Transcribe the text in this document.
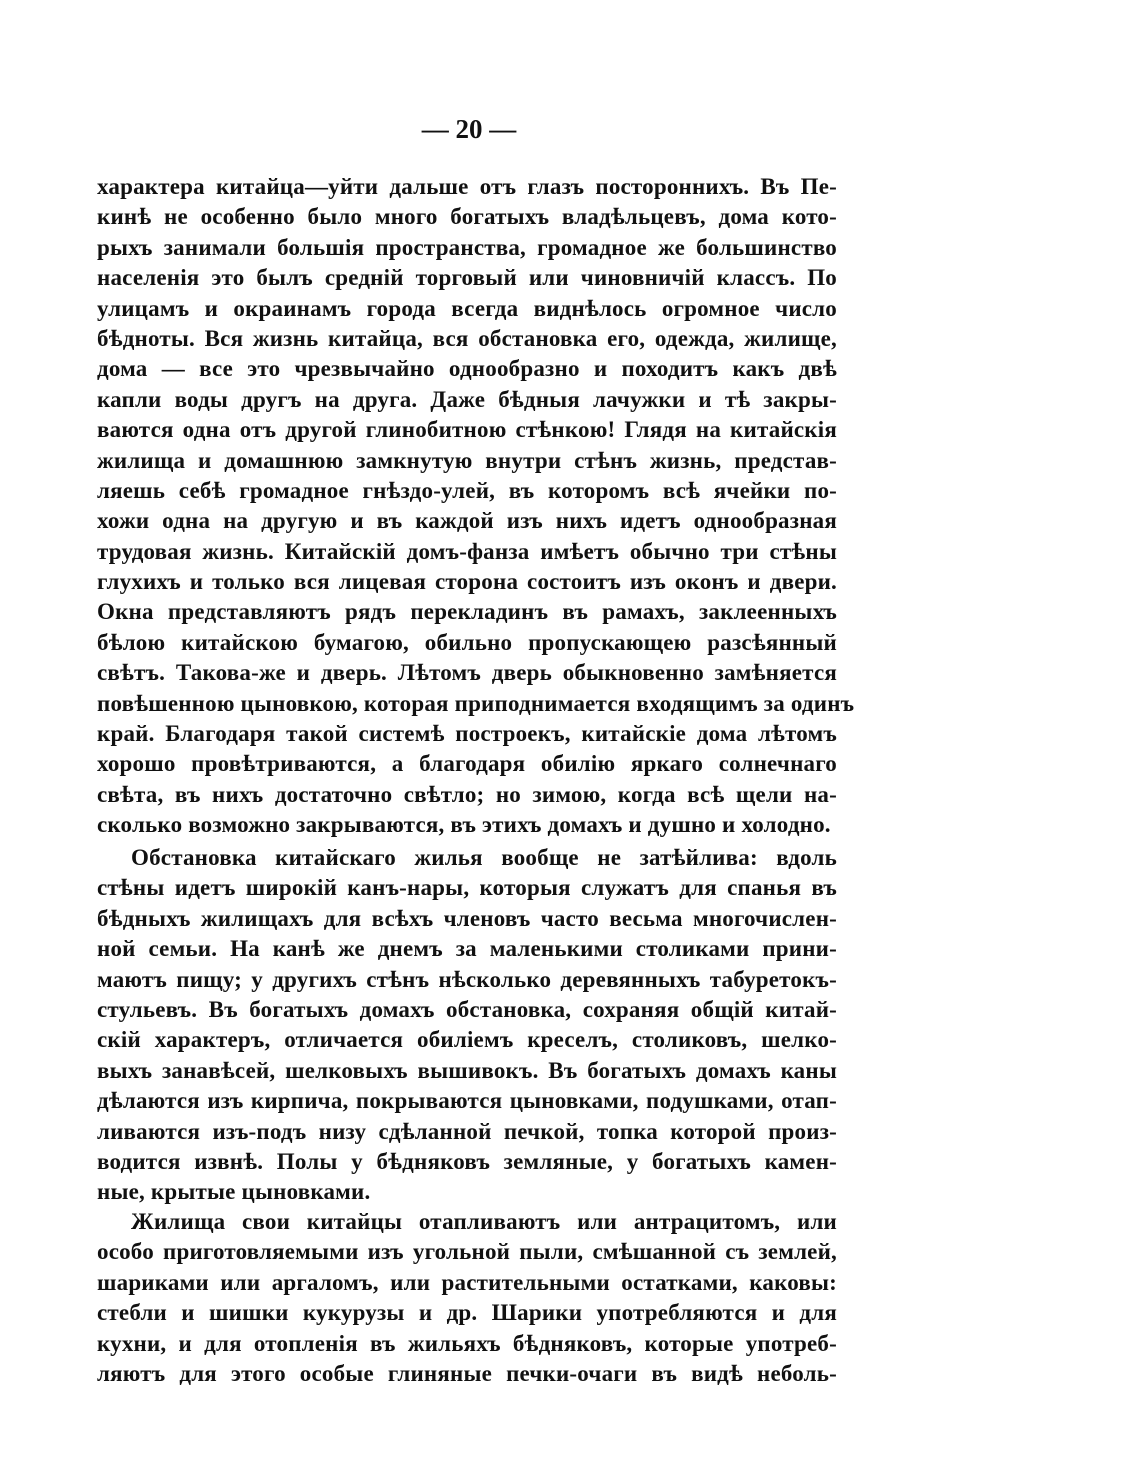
— 20 —
характера китайца—уйти дальше отъ глазъ постороннихъ. Въ Пе-
кинѣ не особенно было много богатыхъ владѣльцевъ, дома кото-
рыхъ занимали большія пространства, громадное же большинство
населенія это былъ средній торговый или чиновничій классъ. По
улицамъ и окраинамъ города всегда виднѣлось огромное число
бѣдноты. Вся жизнь китайца, вся обстановка его, одежда, жилище,
дома — все это чрезвычайно однообразно и походитъ какъ двѣ
капли воды другъ на друга. Даже бѣдныя лачужки и тѣ закры-
ваются одна отъ другой глинобитною стѣнкою! Глядя на китайскія
жилища и домашнюю замкнутую внутри стѣнъ жизнь, представ-
ляешь себѣ громадное гнѣздо-улей, въ которомъ всѣ ячейки по-
хожи одна на другую и въ каждой изъ нихъ идетъ однообразная
трудовая жизнь. Китайскій домъ-фанза имѣетъ обычно три стѣны
глухихъ и только вся лицевая сторона состоитъ изъ оконъ и двери.
Окна представляютъ рядъ перекладинъ въ рамахъ, заклеенныхъ
бѣлою китайскою бумагою, обильно пропускающею разсѣянный
свѣтъ. Такова-же и дверь. Лѣтомъ дверь обыкновенно замѣняется
повѣшенною цыновкою, которая приподнимается входящимъ за одинъ
край. Благодаря такой системѣ построекъ, китайскіе дома лѣтомъ
хорошо провѣтриваются, а благодаря обилію яркаго солнечнаго
свѣта, въ нихъ достаточно свѣтло; но зимою, когда всѣ щели на-
сколько возможно закрываются, въ этихъ домахъ и душно и холодно.
Обстановка китайскаго жилья вообще не затѣйлива: вдоль
стѣны идетъ широкій канъ-нары, которыя служатъ для спанья въ
бѣдныхъ жилищахъ для всѣхъ членовъ часто весьма многочислен-
ной семьи. На канѣ же днемъ за маленькими столиками прини-
маютъ пищу; у другихъ стѣнъ нѣсколько деревянныхъ табуретокъ-
стульевъ. Въ богатыхъ домахъ обстановка, сохраняя общій китай-
скій характеръ, отличается обиліемъ креселъ, столиковъ, шелко-
выхъ занавѣсей, шелковыхъ вышивокъ. Въ богатыхъ домахъ каны
дѣлаются изъ кирпича, покрываются цыновками, подушками, отап-
ливаются изъ-подъ низу сдѣланной печкой, топка которой произ-
водится извнѣ. Полы у бѣдняковъ земляные, у богатыхъ камен-
ные, крытые цыновками.
Жилища свои китайцы отапливаютъ или антрацитомъ, или
особо приготовляемыми изъ угольной пыли, смѣшанной съ землей,
шариками или аргаломъ, или растительными остатками, каковы:
стебли и шишки кукурузы и др. Шарики употребляются и для
кухни, и для отопленія въ жильяхъ бѣдняковъ, которые употреб-
ляютъ для этого особые глиняные печки-очаги въ видѣ неболь-
